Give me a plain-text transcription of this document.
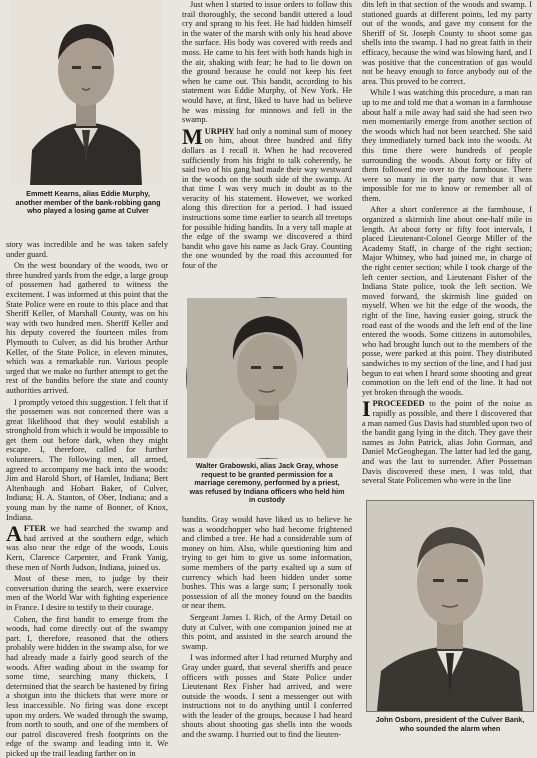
Emmett Kearns, alias Eddie Murphy, another member of the bank-robbing gang who played a losing game at Culver

story was incredible and he was taken safely under guard.

On the west boundary of the woods, two or three hundred yards from the edge, a large group of possemen had gathered to witness the excitement. I was informed at this point that the State Police were en route to this place and that Sheriff Keller, of Marshall County, was on his way with two hundred men. Sheriff Keller and his deputy covered the fourteen miles from Plymouth to Culver, as did his brother Arthur Keller, of the State Police, in eleven minutes, which was a remarkable run. Various people urged that we make no further attempt to get the rest of the bandits before the state and county authorities arrived.

I promptly vetoed this suggestion. I felt that if the possemen was not concerned there was a great likelihood that they would establish a stronghold from which it would be impossible to get them out before dark, when they might escape. I, therefore, called for further volunteers. The following men, all armed, agreed to accompany me back into the woods: Jim and Harold Short, of Hamlet, Indiana; Bert Altenbaugh and Hobart Baker, of Culver, Indiana; H. A. Stanton, of Ober, Indiana; and a young man by the name of Bonner, of Knox, Indiana.

AFTER we had searched the swamp and had arrived at the southern edge, which was also near the edge of the woods, Louis Kern, Clarence Carpenter, and Frank Yanig, these men of North Judson, Indiana, joined us.

Most of these men, to judge by their conversation during the search, were exservice men of the World War with fighting experience in France. I desire to testify to their courage.

Cohen, the first bandit to emerge from the woods, had come directly out of the swampy part. I, therefore, reasoned that the others probably were hidden in the swamp also, for we had already made a fairly good search of the woods. After wading about in the swamp for some time, searching many thickets, I determined that the search be hastened by firing a shotgun into the thickets that were more or less inaccessible. No firing was done except upon my orders. We waded through the swamp, from north to south, and one of the members of our patrol discovered fresh footprints on the edge of the swamp and leading into it. We picked up the trail leading farther on in

Just when I started to issue orders to follow this trail thoroughly, the second bandit uttered a loud cry and sprang to his feet. He had hidden himself in the water of the marsh with only his head above the surface. His body was covered with reeds and moss. He came to his feet with both hands high in the air, shaking with fear; he had to lie down on the ground because he could not keep his feet when he came out. This bandit, according to his statement was Eddie Murphy, of New York. He would have, at first, liked to have had us believe he was missing for minnows and fell in the swamp.

MURPHY had only a nominal sum of money on him, about three hundred and fifty dollars as I recall it. When he had recovered sufficiently from his fright to talk coherently, he said two of his gang had made their way westward in the woods on the south side of the swamp. At that time I was very much in doubt as to the veracity of his statement. However, we worked along this direction for a period. I had issued instructions some time earlier to search all treetops for possible hiding bandits. In a very tall maple at the edge of the swamp we discovered a third bandit who gave his name as Jack Gray. Counting the one wounded by the road this accounted for four of the

Walter Grabowski, alias Jack Gray, whose request to be granted permission for a marriage ceremony, performed by a priest, was refused by Indiana officers who held him in custody

bandits. Gray would have liked us to believe he was a woodchopper who had become frightened and climbed a tree. He had a considerable sum of money on him. Also, while questioning him and trying to get him to give us some information, some members of the party exalted up a sum of currency which had been hidden under some bushes. This was a large sum; I personally took possession of all the money found on the bandits or near them.

Sergeant James I. Rich, of the Army Detail on duty at Culver, with one companion joined me at this point, and assisted in the search around the swamp.

I was informed after I had returned Murphy and Gray under guard, that several sheriffs and peace officers with posses and State Police under Lieutenant Rex Fisher had arrived, and were outside the woods. I sent a messenger out with instructions not to do anything until I conferred with the leader of the groups, because I had heard shouts about shooting gas shells into the woods and the swamp. I hurried out to find the lieuten-

dits left in that section of the woods and swamp. I stationed guards at different points, led my party out of the woods, and gave my consent for the Sheriff of St. Joseph County to shoot some gas shells into the swamp. I had no great faith in their efficacy, because the wind was blowing hard, and I was positive that the concentration of gas would not be heavy enough to force anybody out of the area. This proved to be correct.

While I was watching this procedure, a man ran up to me and told me that a woman in a farmhouse about half a mile away had said she had seen two men momentarily emerge from another section of the woods which had not been searched. She said they immediately turned back into the woods. At this time there were hundreds of people surrounding the woods. About forty or fifty of them followed me over to the farmhouse. There were so many in the party now that it was impossible for me to know or remember all of them.

After a short conference at the farmhouse, I organized a skirmish line about one-half mile in length. At about forty or fifty foot intervals, I placed Lieutenant-Colonel George Miller of the Academy Staff, in charge of the right section; Major Whitney, who had joined me, in charge of the right center section; while I took charge of the left center section, and Lieutenant Fisher of the Indiana State police, took the left section. We moved forward, the skirmish line guided on myself. When we hit the edge of the woods, the right of the line, having easier going, struck the road east of the woods and the left end of the line entered the woods. Some citizens in automobiles, who had brought lunch out to the members of the posse, were parked at this point. They distributed sandwiches to my section of the line, and I had just begun to eat when I heard some shooting and great commotion on the left end of the line. It had not yet broken through the woods.

IPROCEEDED to the point of the noise as rapidly as possible, and there I discovered that a man named Gus Davis had stumbled upon two of the bandit gang lying in the ditch. They gave their names as John Patrick, alias John Gorman, and Daniel McGeoghegan. The latter had led the gang, and was the last to surrender. After Posseman Davis discovered these men, I was told, that several State Policemen who were in the line

John Osborn, president of the Culver Bank, who sounded the alarm when
